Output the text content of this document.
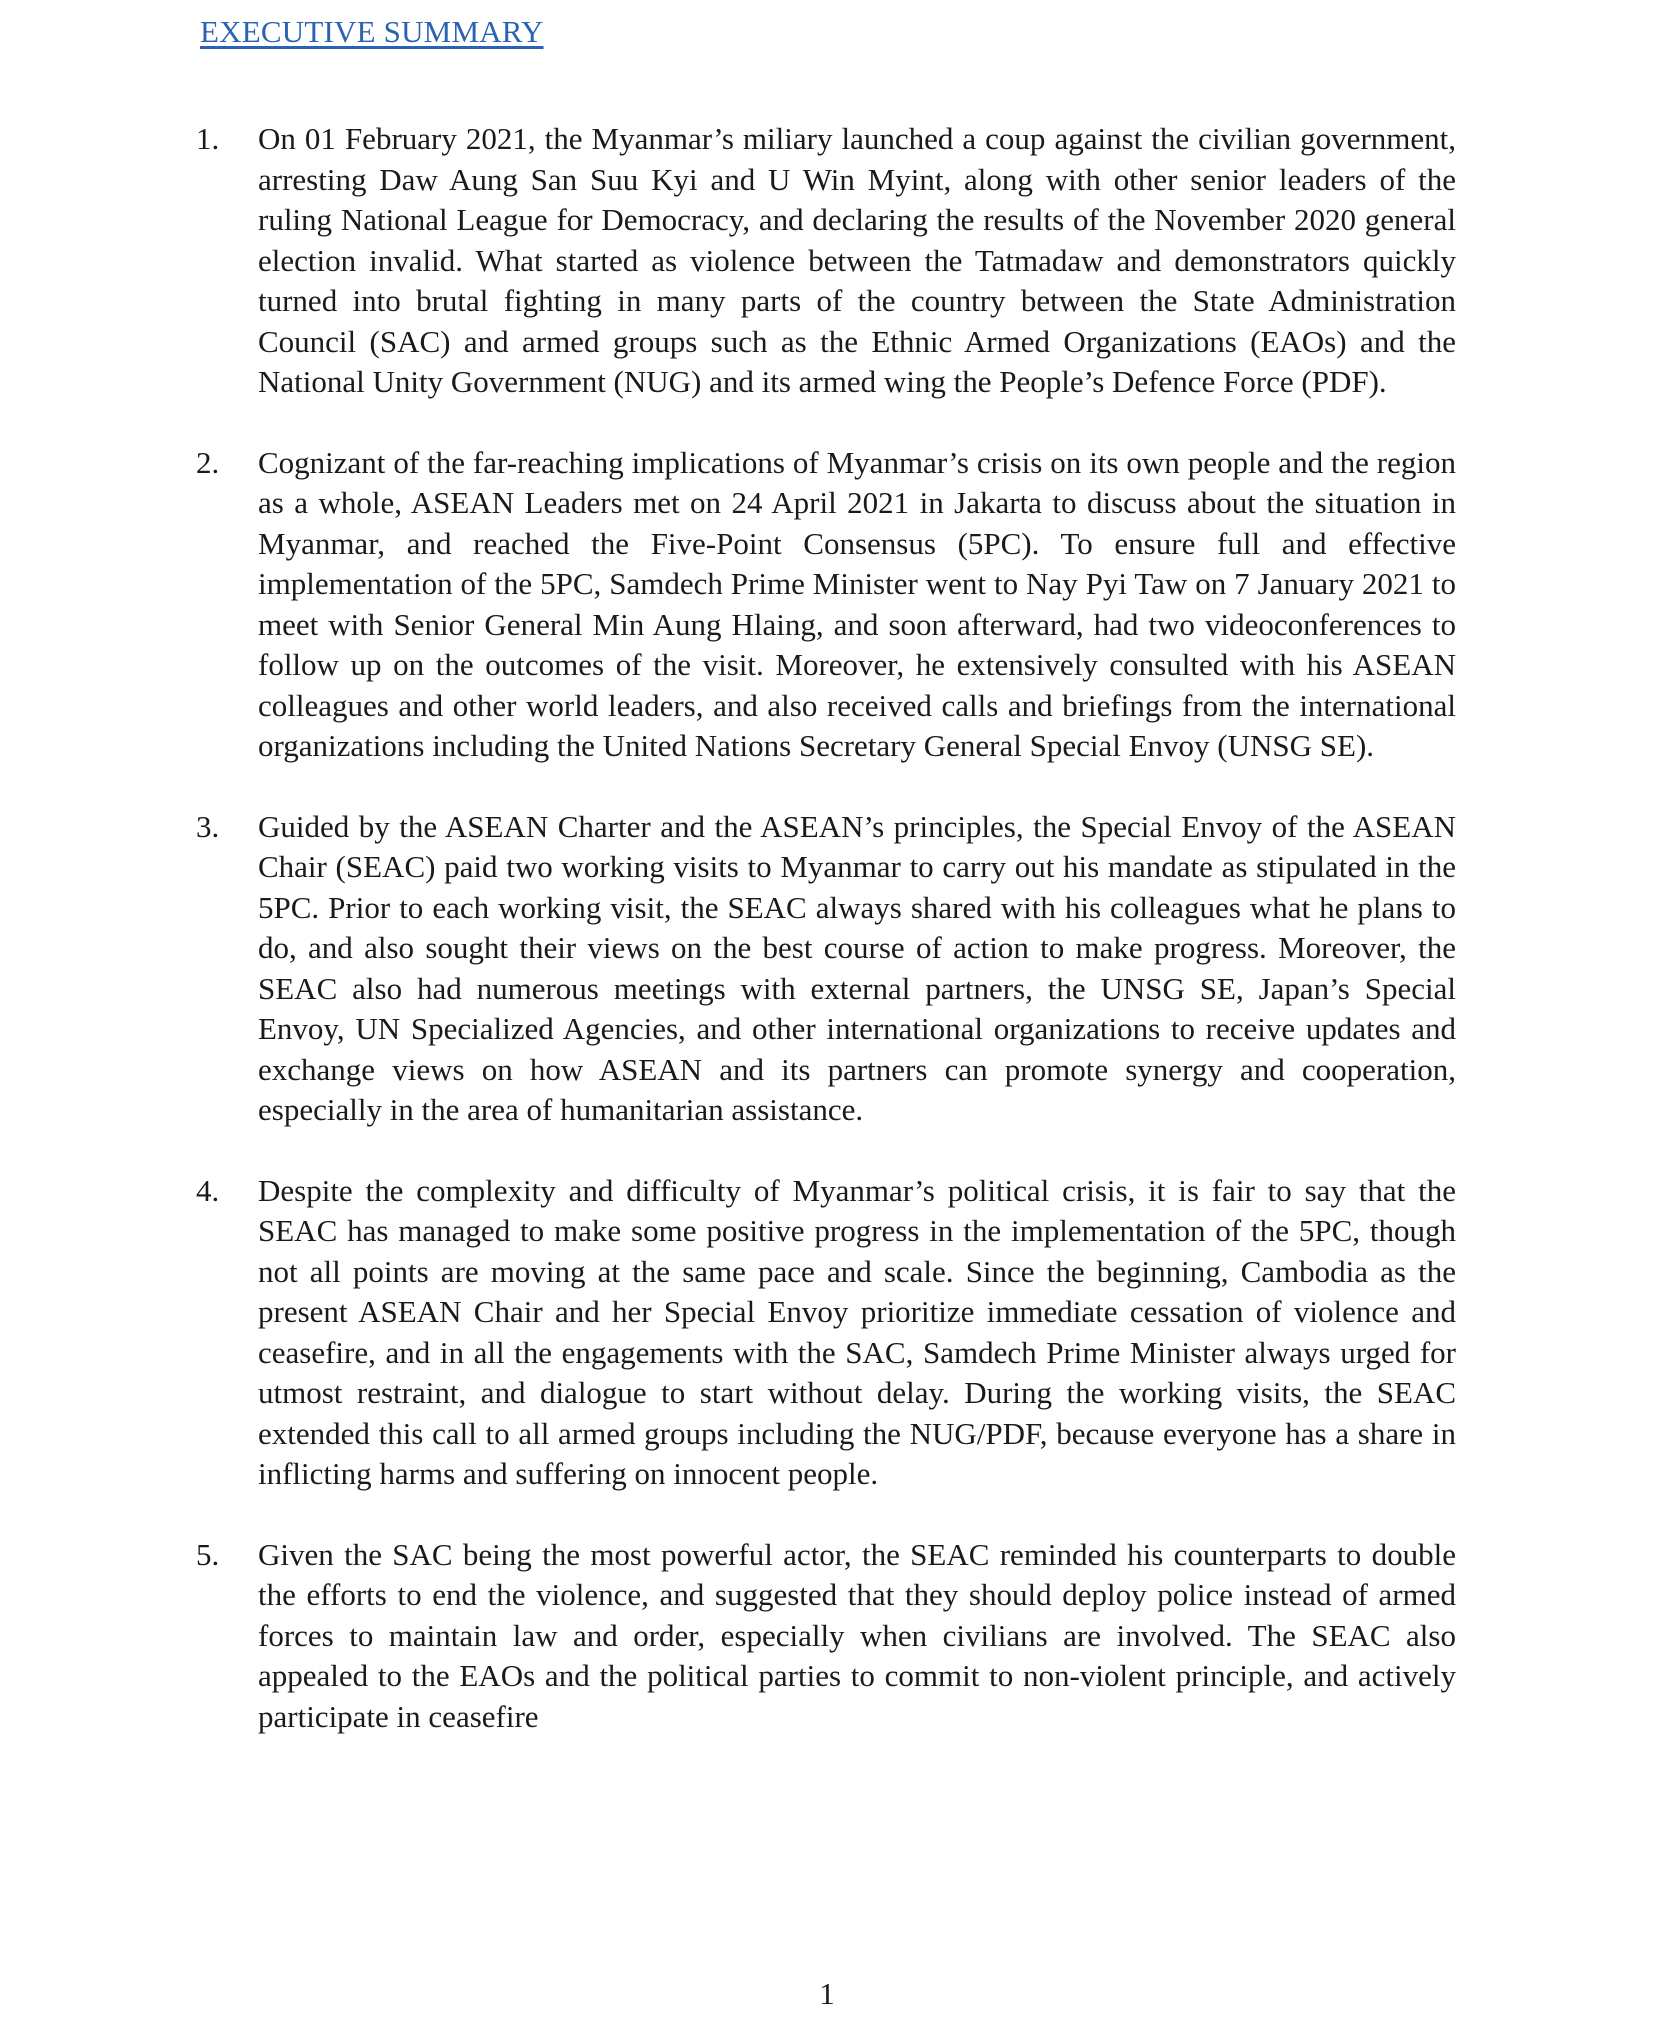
EXECUTIVE SUMMARY
1. On 01 February 2021, the Myanmar’s miliary launched a coup against the civilian government, arresting Daw Aung San Suu Kyi and U Win Myint, along with other senior leaders of the ruling National League for Democracy, and declaring the results of the November 2020 general election invalid. What started as violence between the Tatmadaw and demonstrators quickly turned into brutal fighting in many parts of the country between the State Administration Council (SAC) and armed groups such as the Ethnic Armed Organizations (EAOs) and the National Unity Government (NUG) and its armed wing the People’s Defence Force (PDF).
2. Cognizant of the far-reaching implications of Myanmar’s crisis on its own people and the region as a whole, ASEAN Leaders met on 24 April 2021 in Jakarta to discuss about the situation in Myanmar, and reached the Five-Point Consensus (5PC). To ensure full and effective implementation of the 5PC, Samdech Prime Minister went to Nay Pyi Taw on 7 January 2021 to meet with Senior General Min Aung Hlaing, and soon afterward, had two videoconferences to follow up on the outcomes of the visit. Moreover, he extensively consulted with his ASEAN colleagues and other world leaders, and also received calls and briefings from the international organizations including the United Nations Secretary General Special Envoy (UNSG SE).
3. Guided by the ASEAN Charter and the ASEAN’s principles, the Special Envoy of the ASEAN Chair (SEAC) paid two working visits to Myanmar to carry out his mandate as stipulated in the 5PC. Prior to each working visit, the SEAC always shared with his colleagues what he plans to do, and also sought their views on the best course of action to make progress. Moreover, the SEAC also had numerous meetings with external partners, the UNSG SE, Japan’s Special Envoy, UN Specialized Agencies, and other international organizations to receive updates and exchange views on how ASEAN and its partners can promote synergy and cooperation, especially in the area of humanitarian assistance.
4. Despite the complexity and difficulty of Myanmar’s political crisis, it is fair to say that the SEAC has managed to make some positive progress in the implementation of the 5PC, though not all points are moving at the same pace and scale. Since the beginning, Cambodia as the present ASEAN Chair and her Special Envoy prioritize immediate cessation of violence and ceasefire, and in all the engagements with the SAC, Samdech Prime Minister always urged for utmost restraint, and dialogue to start without delay. During the working visits, the SEAC extended this call to all armed groups including the NUG/PDF, because everyone has a share in inflicting harms and suffering on innocent people.
5. Given the SAC being the most powerful actor, the SEAC reminded his counterparts to double the efforts to end the violence, and suggested that they should deploy police instead of armed forces to maintain law and order, especially when civilians are involved. The SEAC also appealed to the EAOs and the political parties to commit to non-violent principle, and actively participate in ceasefire
1
